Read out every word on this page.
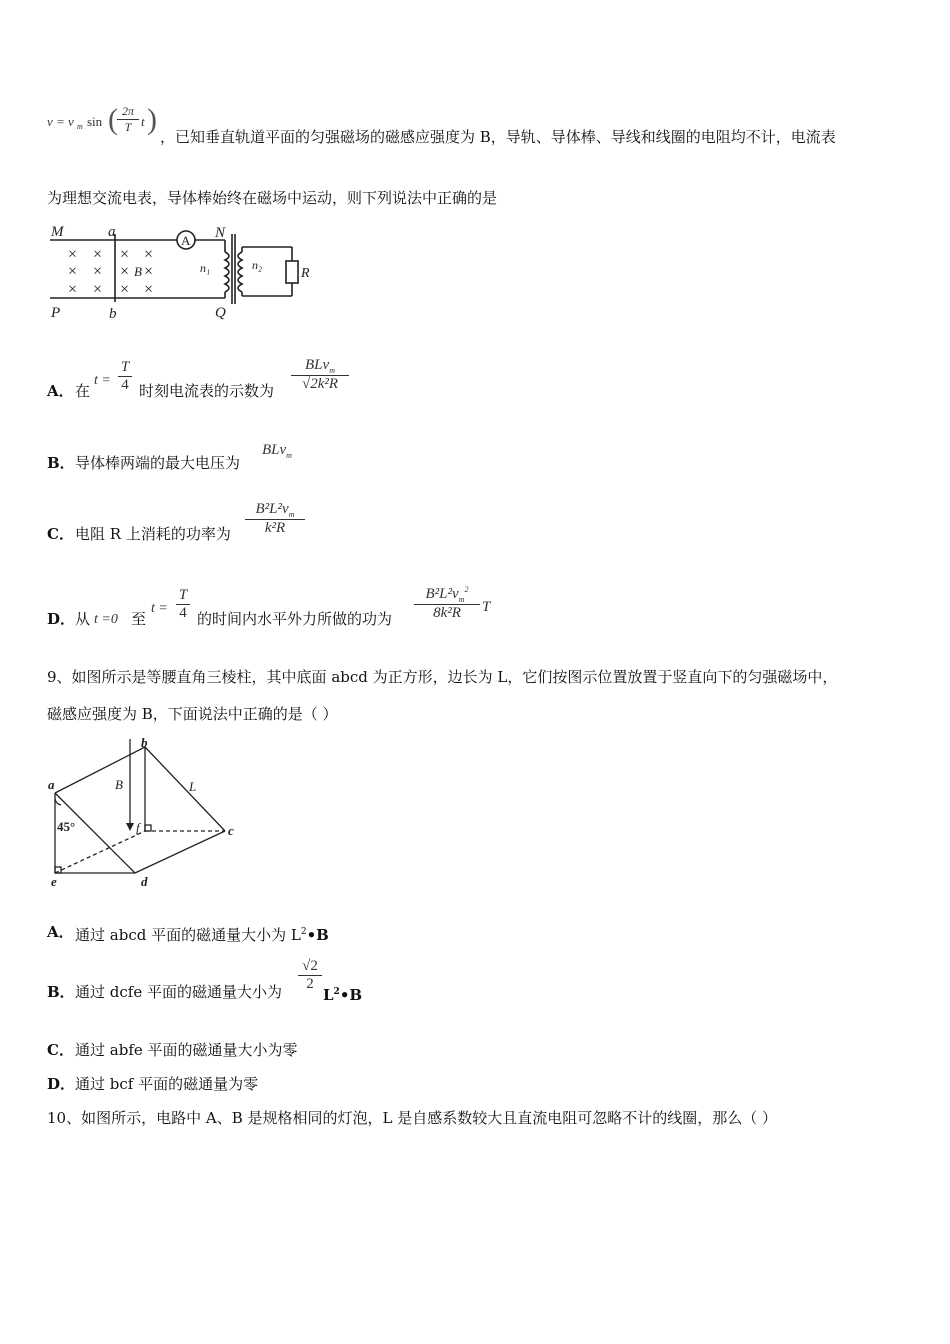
v = v m sin ( 2π
T t )
，已知垂直轨道平面的匀强磁场的磁感应强度为 B，导轨、导体棒、导线和线圈的电阻均不计，电流表
为理想交流电表，导体棒始终在磁场中运动，则下列说法中正确的是
A
M	a	N
P	b	Q
n₁	n₂
R
B
× × × ×
× × × ×
× × × ×
A． 在
t =
T
4 时刻电流表的示数为
BLv$_m$
√2k²R
B． 导体棒两端的最大电压为
BLv$_m$
C． 电阻 R 上消耗的功率为
$B^2L^2v_m$
k²R
D． 从 t =0 至
t =
T
4 的时间内水平外力所做的功为
$B^2L^2v_m^2$
8k²R	T
9、如图所示是等腰直角三棱柱，其中底面 abcd 为正方形，边长为 L，它们按图示位置放置于竖直向下的匀强磁场中，
磁感应强度为 B，下面说法中正确的是（ ）
a
b
c
d
e
f
B	L
45°
A． 通过 abcd 平面的磁通量大小为 $L^2•B$
B． 通过 dcfe 平面的磁通量大小为
√2
2
$L^2•B$
C． 通过 abfe 平面的磁通量大小为零
D． 通过 bcf 平面的磁通量为零
10、如图所示，电路中 A、B 是规格相同的灯泡，L 是自感系数较大且直流电阻可忽略不计的线圈，那么（ ）
